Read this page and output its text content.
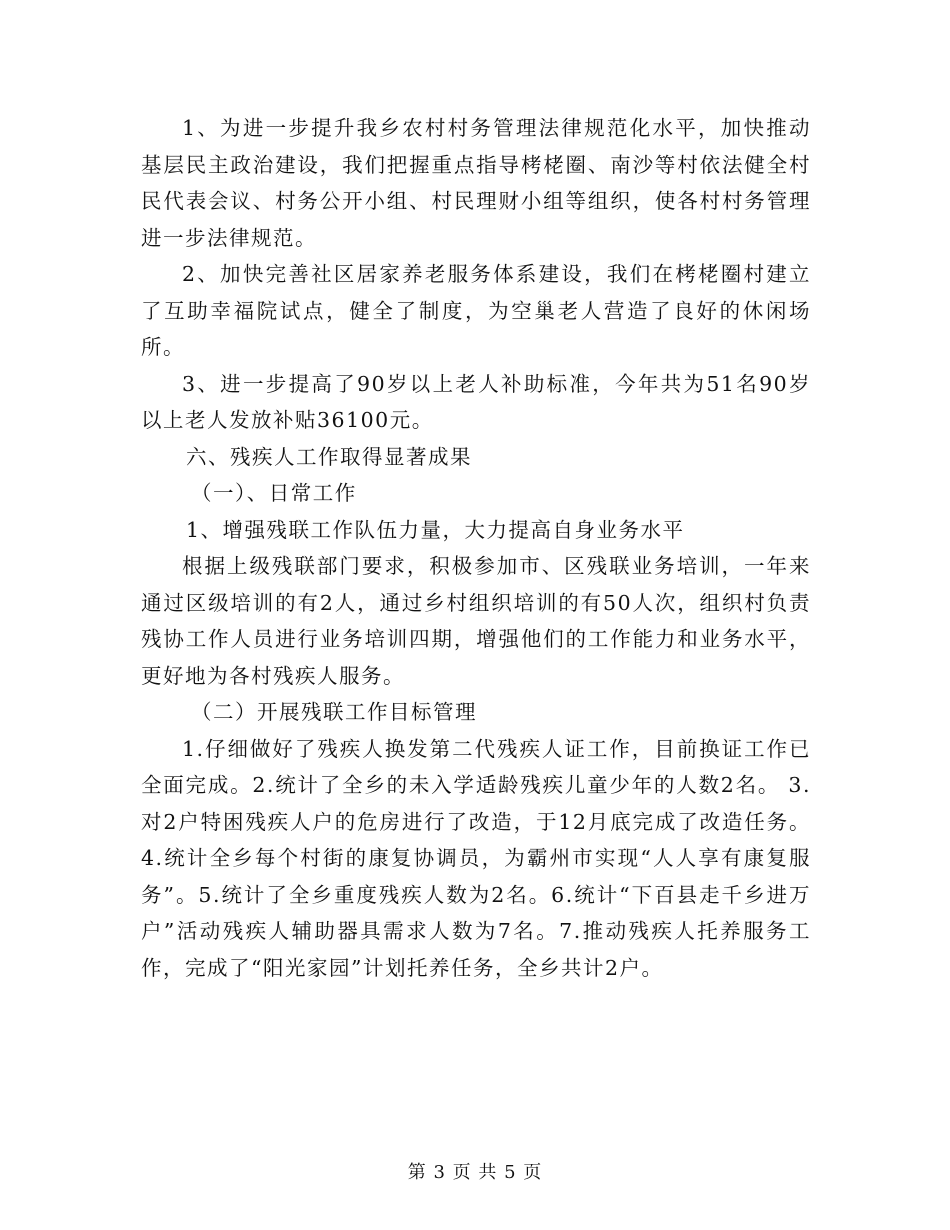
1、为进一步提升我乡农村村务管理法律规范化水平，加快推动基层民主政治建设，我们把握重点指导栲栳圈、南沙等村依法健全村民代表会议、村务公开小组、村民理财小组等组织，使各村村务管理进一步法律规范。

2、加快完善社区居家养老服务体系建设，我们在栲栳圈村建立了互助幸福院试点，健全了制度，为空巢老人营造了良好的休闲场所。

3、进一步提高了90岁以上老人补助标准，今年共为51名90岁以上老人发放补贴36100元。

六、残疾人工作取得显著成果

（一）、日常工作

1、增强残联工作队伍力量，大力提高自身业务水平

根据上级残联部门要求，积极参加市、区残联业务培训，一年来通过区级培训的有2人，通过乡村组织培训的有50人次，组织村负责残协工作人员进行业务培训四期，增强他们的工作能力和业务水平，更好地为各村残疾人服务。

（二）开展残联工作目标管理

1.仔细做好了残疾人换发第二代残疾人证工作，目前换证工作已全面完成。2.统计了全乡的未入学适龄残疾儿童少年的人数2名。 3.对2户特困残疾人户的危房进行了改造，于12月底完成了改造任务。4.统计全乡每个村街的康复协调员，为霸州市实现“人人享有康复服务”。5.统计了全乡重度残疾人数为2名。6.统计“下百县走千乡进万户”活动残疾人辅助器具需求人数为7名。7.推动残疾人托养服务工作，完成了“阳光家园”计划托养任务，全乡共计2户。

第 3 页 共 5 页
